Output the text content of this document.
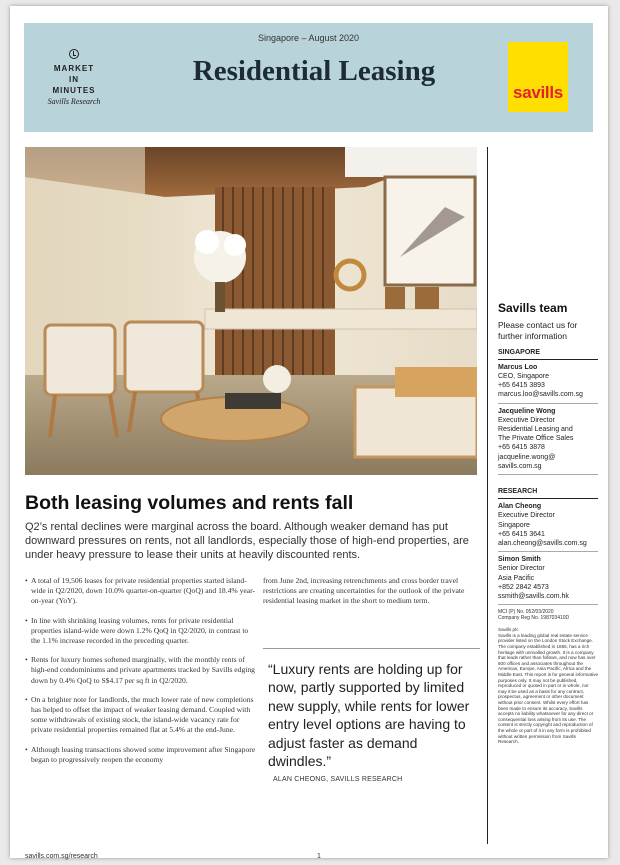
Singapore – August 2020
MARKET
IN
MINUTES
Savills Research
Residential Leasing
savills
Savills team
Please contact us for further information
SINGAPORE
Marcus Loo
CEO, Singapore
+65 6415 3893
marcus.loo@savills.com.sg
Jacqueline Wong
Executive Director
Residential Leasing and
The Private Office Sales
+65 6415 3878
jacqueline.wong@
savills.com.sg
RESEARCH
Alan Cheong
Executive Director
Singapore
+65 6415 3641
alan.cheong@savills.com.sg
Simon Smith
Senior Director
Asia Pacific
+852 2842 4573
ssmith@savills.com.hk
MCI (P) No. 052/03/2020
Company Reg No. 198703410D
Savills plc
Savills is a leading global real estate service provider listed on the London Stock Exchange. The company established in 1855, has a rich heritage with unrivalled growth. It is a company that leads rather than follows, and now has over 600 offices and associates throughout the Americas, Europe, Asia Pacific, Africa and the Middle East. This report is for general informative purposes only. It may not be published, reproduced or quoted in part or in whole, nor may it be used as a basis for any contract, prospectus, agreement or other document without prior consent. Whilst every effort has been made to ensure its accuracy, Savills accepts no liability whatsoever for any direct or consequential loss arising from its use. The content is strictly copyright and reproduction of the whole or part of it in any form is prohibited without written permission from Savills Research.
Both leasing volumes and rents fall
Q2’s rental declines were marginal across the board. Although weaker demand has put downward pressures on rents, not all landlords, especially those of high-end properties, are under heavy pressure to lease their units at heavily discounted rents.
• A total of 19,506 leases for private residential properties started island-wide in Q2/2020, down 10.0% quarter-on-quarter (QoQ) and 18.4% year-on-year (YoY).
• In line with shrinking leasing volumes, rents for private residential properties island-wide were down 1.2% QoQ in Q2/2020, in contrast to the 1.1% increase recorded in the preceding quarter.
• Rents for luxury homes softened marginally, with the monthly rents of high-end condominiums and private apartments tracked by Savills edging down by 0.4% QoQ to S$4.17 per sq ft in Q2/2020.
• On a brighter note for landlords, the much lower rate of new completions has helped to offset the impact of weaker leasing demand. Coupled with some withdrawals of existing stock, the island-wide vacancy rate for private residential properties remained flat at 5.4% at the end-June.
• Although leasing transactions showed some improvement after Singapore began to progressively reopen the economy
from June 2nd, increasing retrenchments and cross border travel restrictions are creating uncertainties for the outlook of the private residential leasing market in the short to medium term.
“Luxury rents are holding up for now, partly supported by limited new supply, while rents for lower entry level options are having to adjust faster as demand dwindles.”
ALAN CHEONG, SAVILLS RESEARCH
savills.com.sg/research	1
